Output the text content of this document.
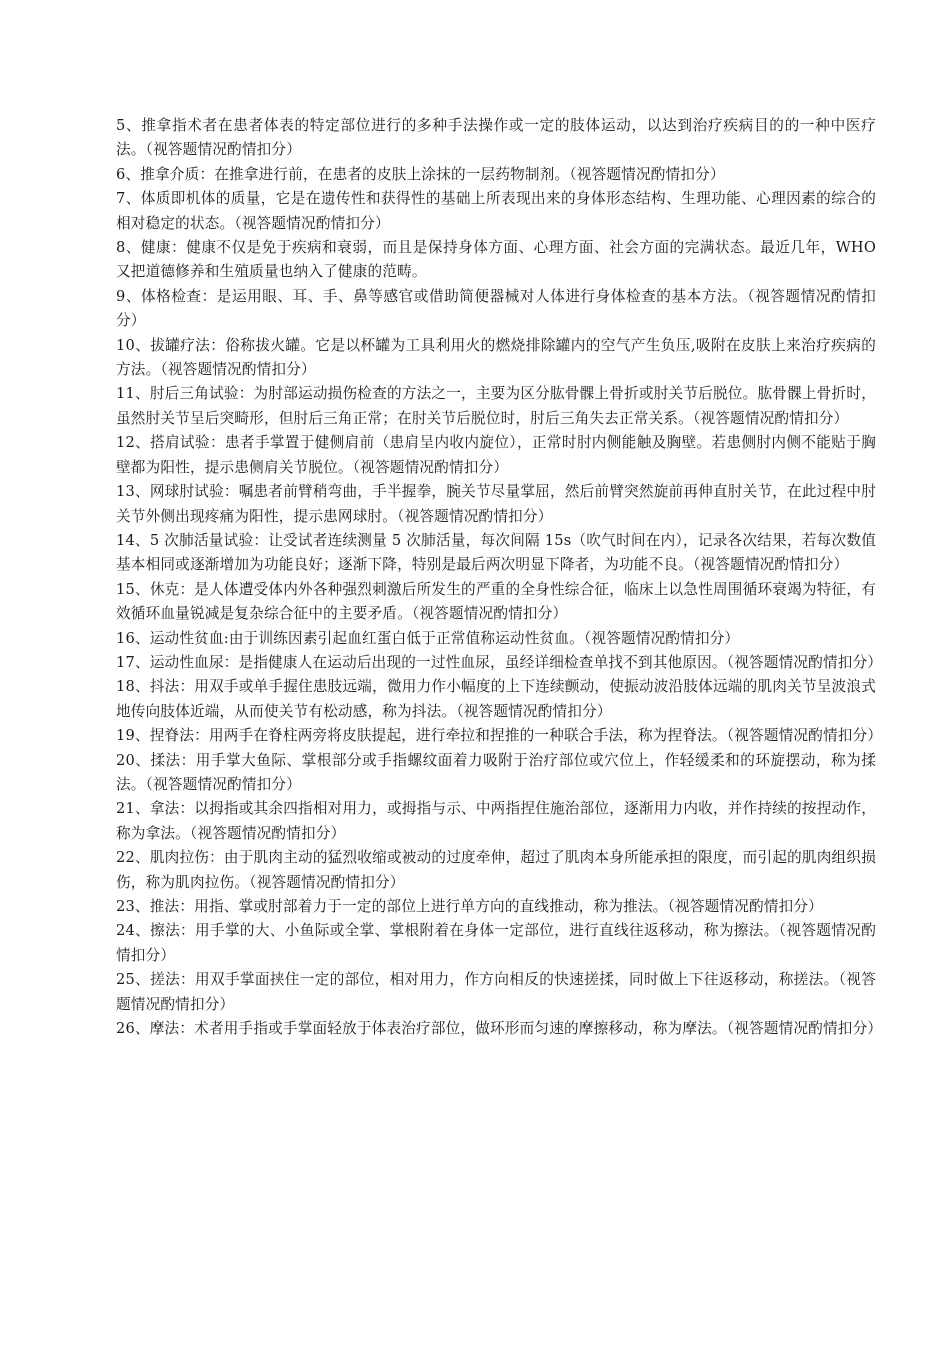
5、推拿指术者在患者体表的特定部位进行的多种手法操作或一定的肢体运动，以达到治疗疾病目的的一种中医疗法。（视答题情况酌情扣分）

6、推拿介质：在推拿进行前，在患者的皮肤上涂抹的一层药物制剂。（视答题情况酌情扣分）

7、体质即机体的质量，它是在遗传性和获得性的基础上所表现出来的身体形态结构、生理功能、心理因素的综合的相对稳定的状态。（视答题情况酌情扣分）

8、健康：健康不仅是免于疾病和衰弱，而且是保持身体方面、心理方面、社会方面的完满状态。最近几年，WHO 又把道德修养和生殖质量也纳入了健康的范畴。

9、体格检查：是运用眼、耳、手、鼻等感官或借助简便器械对人体进行身体检查的基本方法。（视答题情况酌情扣分）

10、拔罐疗法：俗称拔火罐。它是以杯罐为工具利用火的燃烧排除罐内的空气产生负压,吸附在皮肤上来治疗疾病的方法。（视答题情况酌情扣分）

11、肘后三角试验：为肘部运动损伤检查的方法之一，主要为区分肱骨髁上骨折或肘关节后脱位。肱骨髁上骨折时，虽然肘关节呈后突畸形，但肘后三角正常；在肘关节后脱位时，肘后三角失去正常关系。（视答题情况酌情扣分）

12、搭肩试验：患者手掌置于健侧肩前（患肩呈内收内旋位），正常时肘内侧能触及胸壁。若患侧肘内侧不能贴于胸壁都为阳性，提示患侧肩关节脱位。（视答题情况酌情扣分）

13、网球肘试验：嘱患者前臂稍弯曲，手半握拳，腕关节尽量掌屈，然后前臂突然旋前再伸直肘关节，在此过程中肘关节外侧出现疼痛为阳性，提示患网球肘。（视答题情况酌情扣分）

14、5 次肺活量试验：让受试者连续测量 5 次肺活量，每次间隔 15s（吹气时间在内），记录各次结果，若每次数值基本相同或逐渐增加为功能良好；逐渐下降，特别是最后两次明显下降者，为功能不良。（视答题情况酌情扣分）

15、休克：是人体遭受体内外各种强烈刺激后所发生的严重的全身性综合征，临床上以急性周围循环衰竭为特征，有效循环血量锐减是复杂综合征中的主要矛盾。（视答题情况酌情扣分）

16、运动性贫血:由于训练因素引起血红蛋白低于正常值称运动性贫血。（视答题情况酌情扣分）

17、运动性血尿：是指健康人在运动后出现的一过性血尿，虽经详细检查单找不到其他原因。（视答题情况酌情扣分）

18、抖法：用双手或单手握住患肢远端，微用力作小幅度的上下连续颤动，使振动波沿肢体远端的肌肉关节呈波浪式地传向肢体近端，从而使关节有松动感，称为抖法。（视答题情况酌情扣分）

19、捏脊法：用两手在脊柱两旁将皮肤提起，进行牵拉和捏推的一种联合手法，称为捏脊法。（视答题情况酌情扣分）

20、揉法：用手掌大鱼际、掌根部分或手指螺纹面着力吸附于治疗部位或穴位上，作轻缓柔和的环旋摆动，称为揉法。（视答题情况酌情扣分）

21、拿法：以拇指或其余四指相对用力，或拇指与示、中两指捏住施治部位，逐渐用力内收，并作持续的按捏动作，称为拿法。（视答题情况酌情扣分）

22、肌肉拉伤：由于肌肉主动的猛烈收缩或被动的过度牵伸，超过了肌肉本身所能承担的限度，而引起的肌肉组织损伤，称为肌肉拉伤。（视答题情况酌情扣分）

23、推法：用指、掌或肘部着力于一定的部位上进行单方向的直线推动，称为推法。（视答题情况酌情扣分）

24、擦法：用手掌的大、小鱼际或全掌、掌根附着在身体一定部位，进行直线往返移动，称为擦法。（视答题情况酌情扣分）

25、搓法：用双手掌面挟住一定的部位，相对用力，作方向相反的快速搓揉，同时做上下往返移动，称搓法。（视答题情况酌情扣分）

26、摩法：术者用手指或手掌面轻放于体表治疗部位，做环形而匀速的摩擦移动，称为摩法。（视答题情况酌情扣分）
